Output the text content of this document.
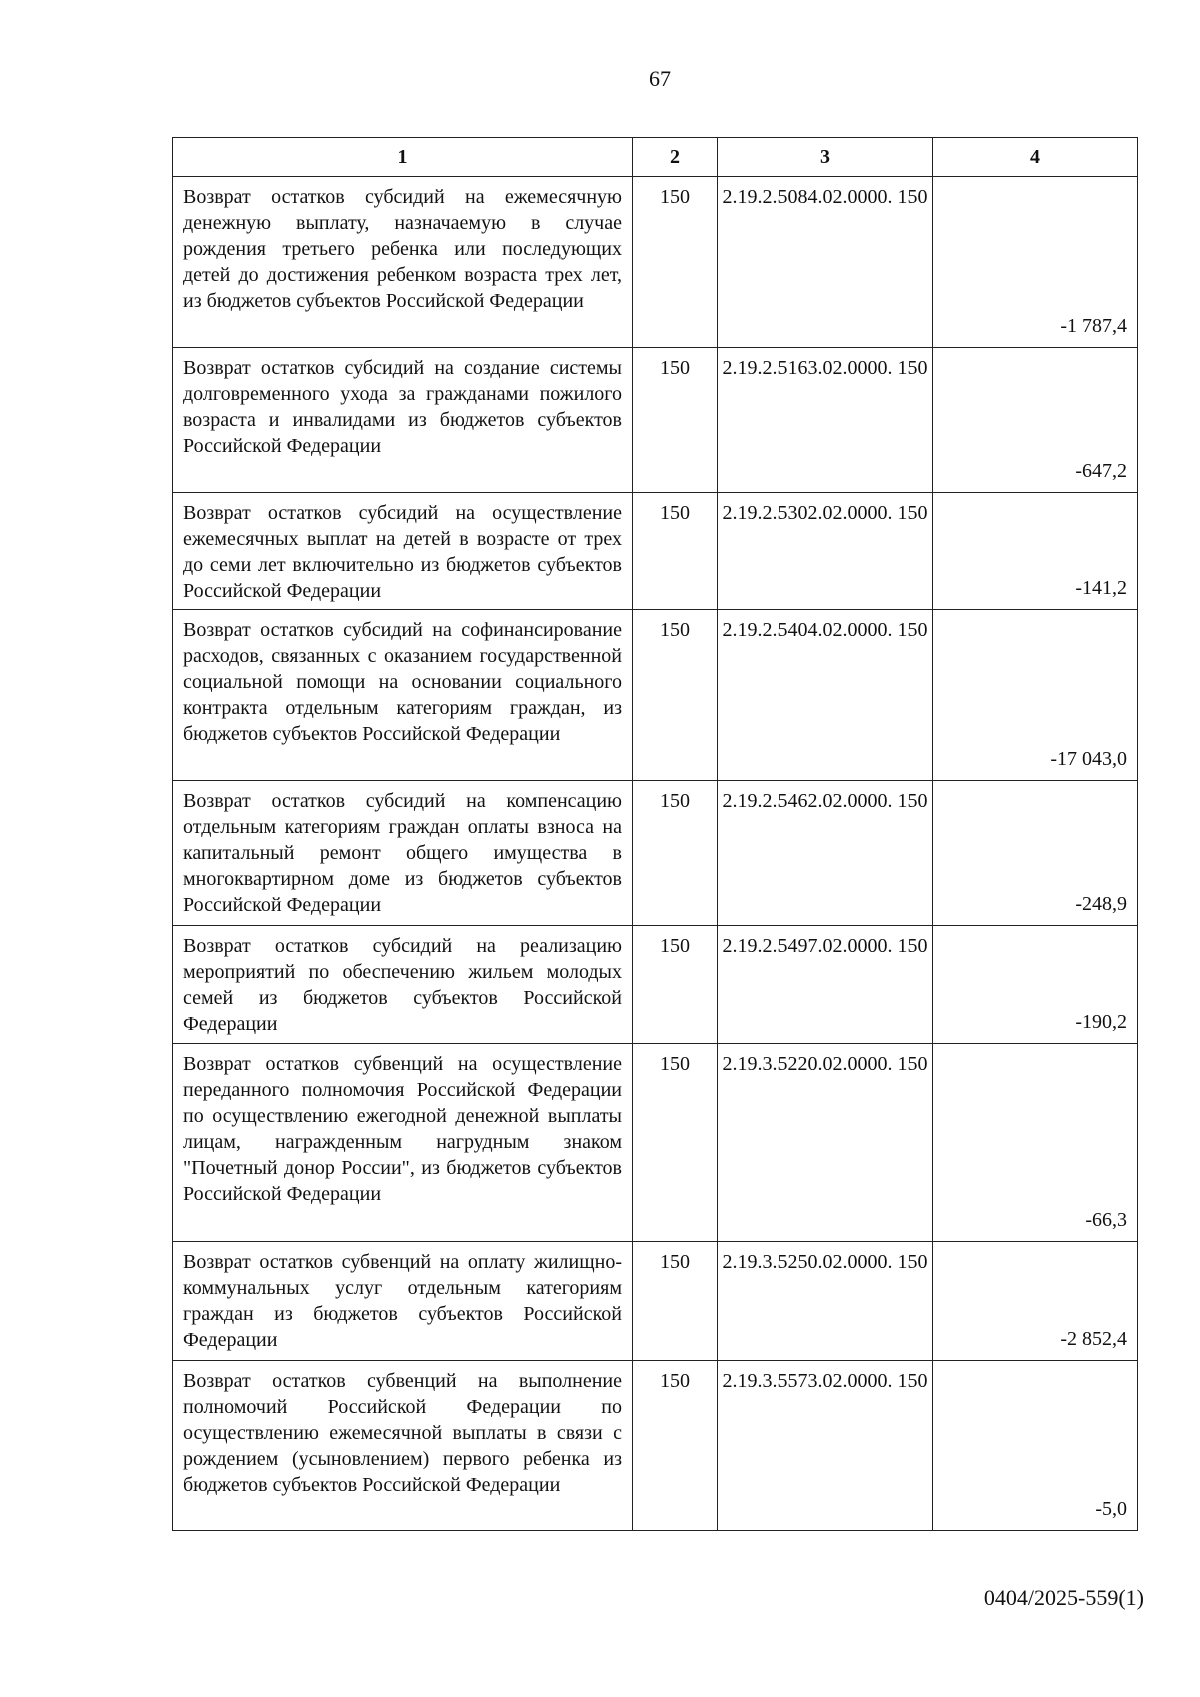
67
1	2	3	4
Возврат остатков субсидий на ежемесячную денежную выплату, назначаемую в случае рождения третьего ребенка или последующих детей до достижения ребенком возраста трех лет, из бюджетов субъектов Российской Федерации	150	2.19.2.5084.02.0000. 150	-1 787,4
Возврат остатков субсидий на создание системы долговременного ухода за гражданами пожилого возраста и инвалидами из бюджетов субъектов Российской Федерации	150	2.19.2.5163.02.0000. 150	-647,2
Возврат остатков субсидий на осуществление ежемесячных выплат на детей в возрасте от трех до семи лет включительно из бюджетов субъектов Российской Федерации	150	2.19.2.5302.02.0000. 150	-141,2
Возврат остатков субсидий на софинансирование расходов, связанных с оказанием государственной социальной помощи на основании социального контракта отдельным категориям граждан, из бюджетов субъектов Российской Федерации	150	2.19.2.5404.02.0000. 150	-17 043,0
Возврат остатков субсидий на компенсацию отдельным категориям граждан оплаты взноса на капитальный ремонт общего имущества в многоквартирном доме из бюджетов субъектов Российской Федерации	150	2.19.2.5462.02.0000. 150	-248,9
Возврат остатков субсидий на реализацию мероприятий по обеспечению жильем молодых семей из бюджетов субъектов Российской Федерации	150	2.19.2.5497.02.0000. 150	-190,2
Возврат остатков субвенций на осуществление переданного полномочия Российской Федерации по осуществлению ежегодной денежной выплаты лицам, награжденным нагрудным знаком "Почетный донор России", из бюджетов субъектов Российской Федерации	150	2.19.3.5220.02.0000. 150	-66,3
Возврат остатков субвенций на оплату жилищно-коммунальных услуг отдельным категориям граждан из бюджетов субъектов Российской Федерации	150	2.19.3.5250.02.0000. 150	-2 852,4
Возврат остатков субвенций на выполнение полномочий Российской Федерации по осуществлению ежемесячной выплаты в связи с рождением (усыновлением) первого ребенка из бюджетов субъектов Российской Федерации	150	2.19.3.5573.02.0000. 150	-5,0
0404/2025-559(1)
